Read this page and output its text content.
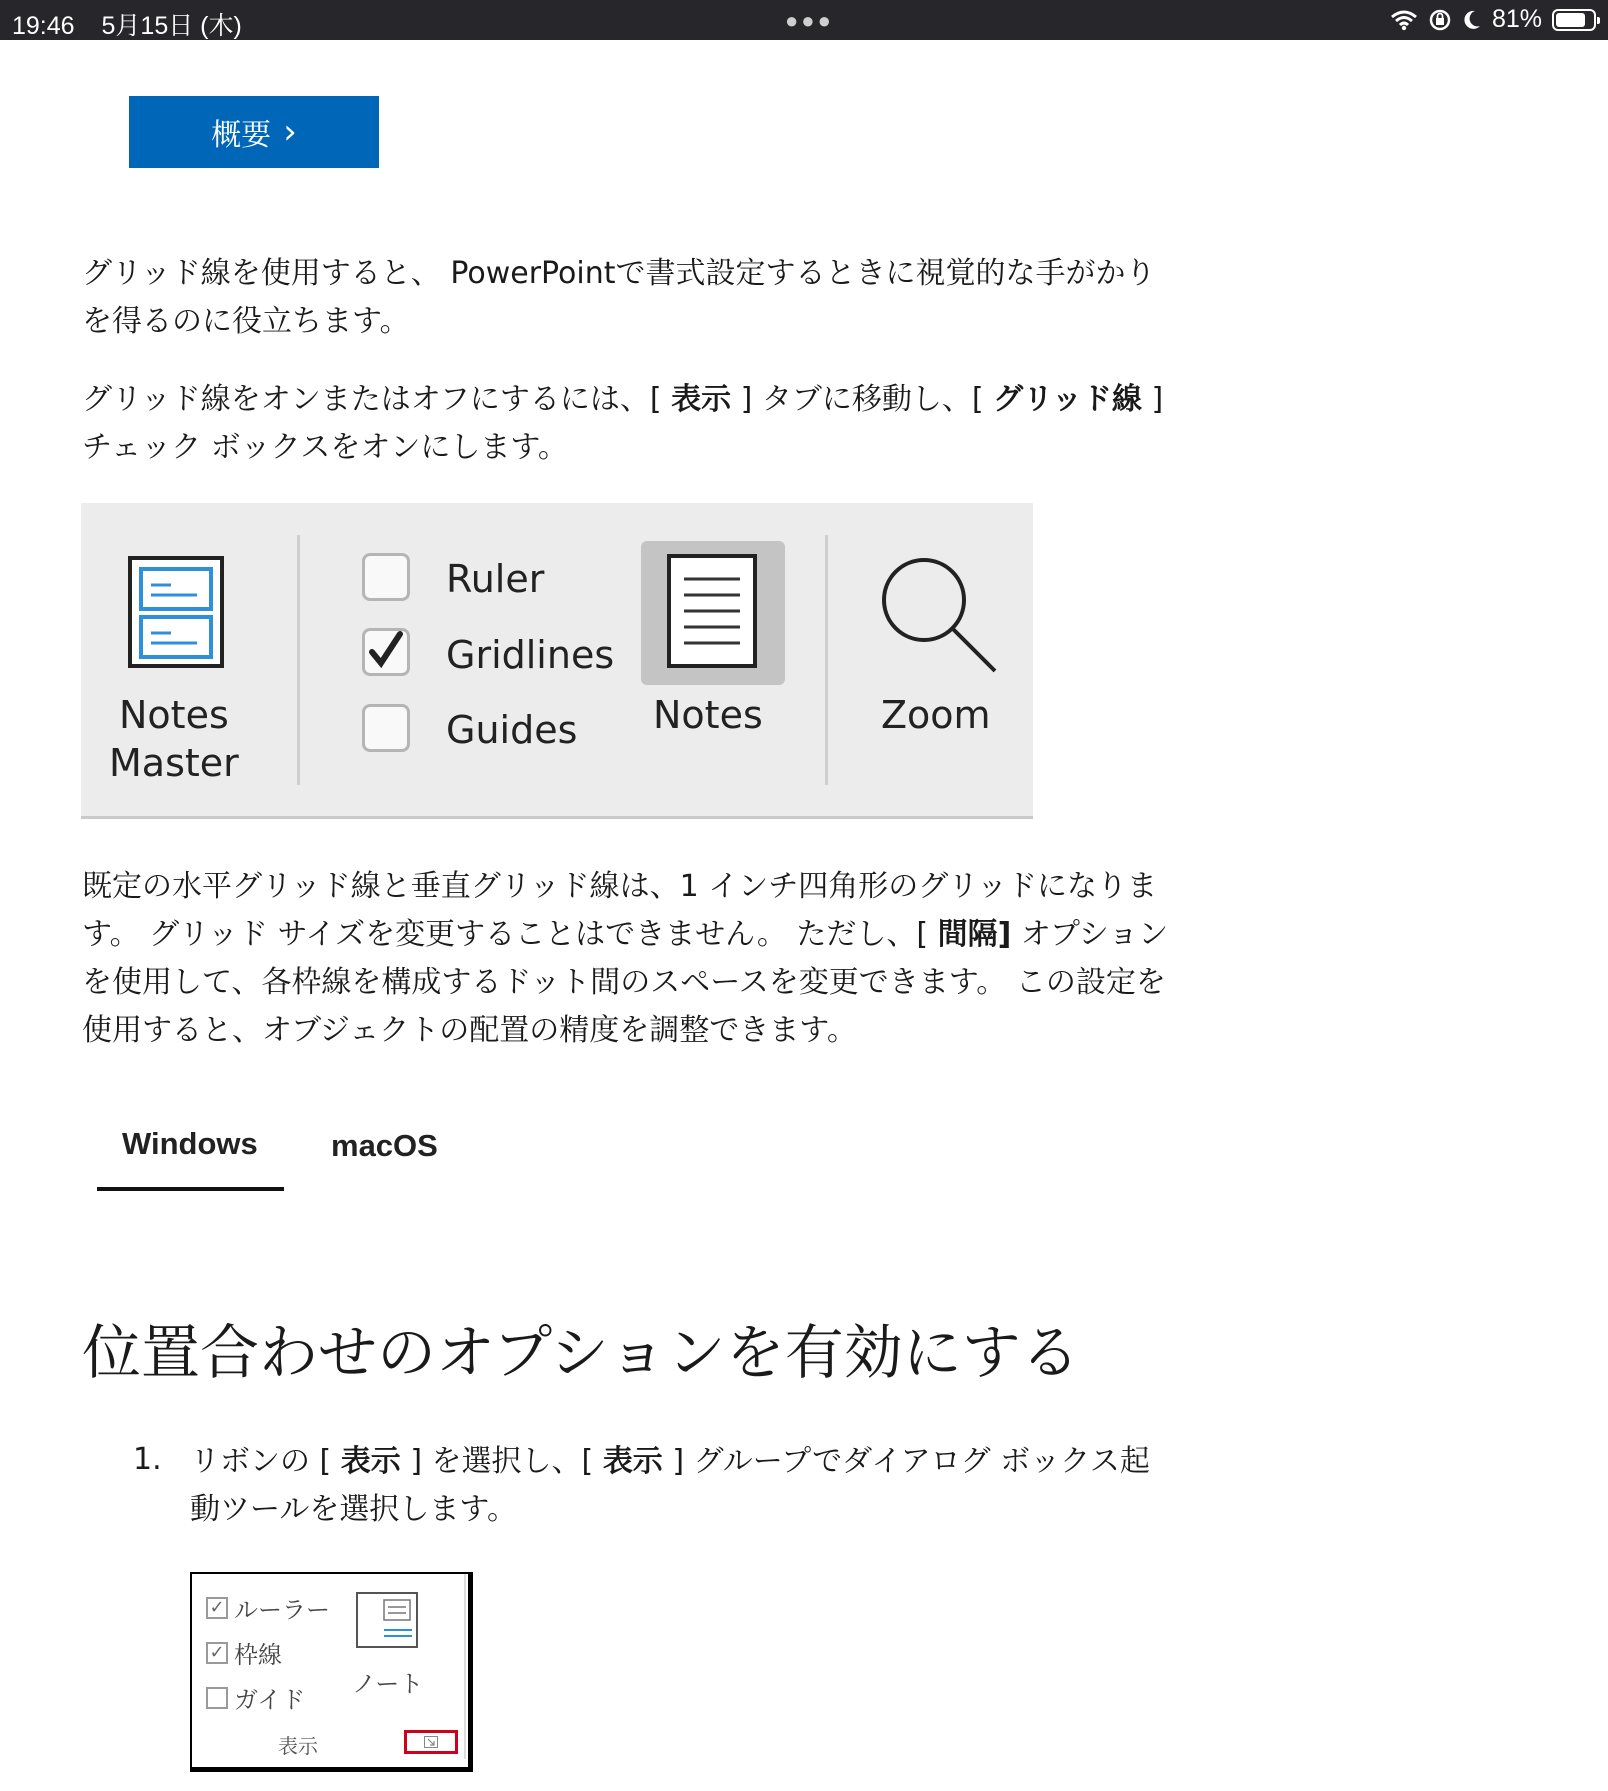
19:46 5月15日 (木)	●●●	81%
概要 ›

グリッド線を使用すると、 PowerPointで書式設定するときに視覚的な手がかりを得るのに役立ちます。

グリッド線をオンまたはオフにするには、[ 表示 ] タブに移動し、[ グリッド線 ] チェック ボックスをオンにします。

Notes
Master
Ruler
Gridlines
Guides Notes	Zoom

既定の水平グリッド線と垂直グリッド線は、1 インチ四角形のグリッドになります。 グリッド サイズを変更することはできません。 ただし、[ 間隔] オプションを使用して、各枠線を構成するドット間のスペースを変更できます。 この設定を使用すると、オブジェクトの配置の精度を調整できます。

Windows macOS
位置合わせのオプションを有効にする
1. リボンの [ 表示 ] を選択し、[ 表示 ] グループでダイアログ ボックス起動ツールを選択します。
✓ ルーラー
✓ 枠線
ガイド
ノート
表示
